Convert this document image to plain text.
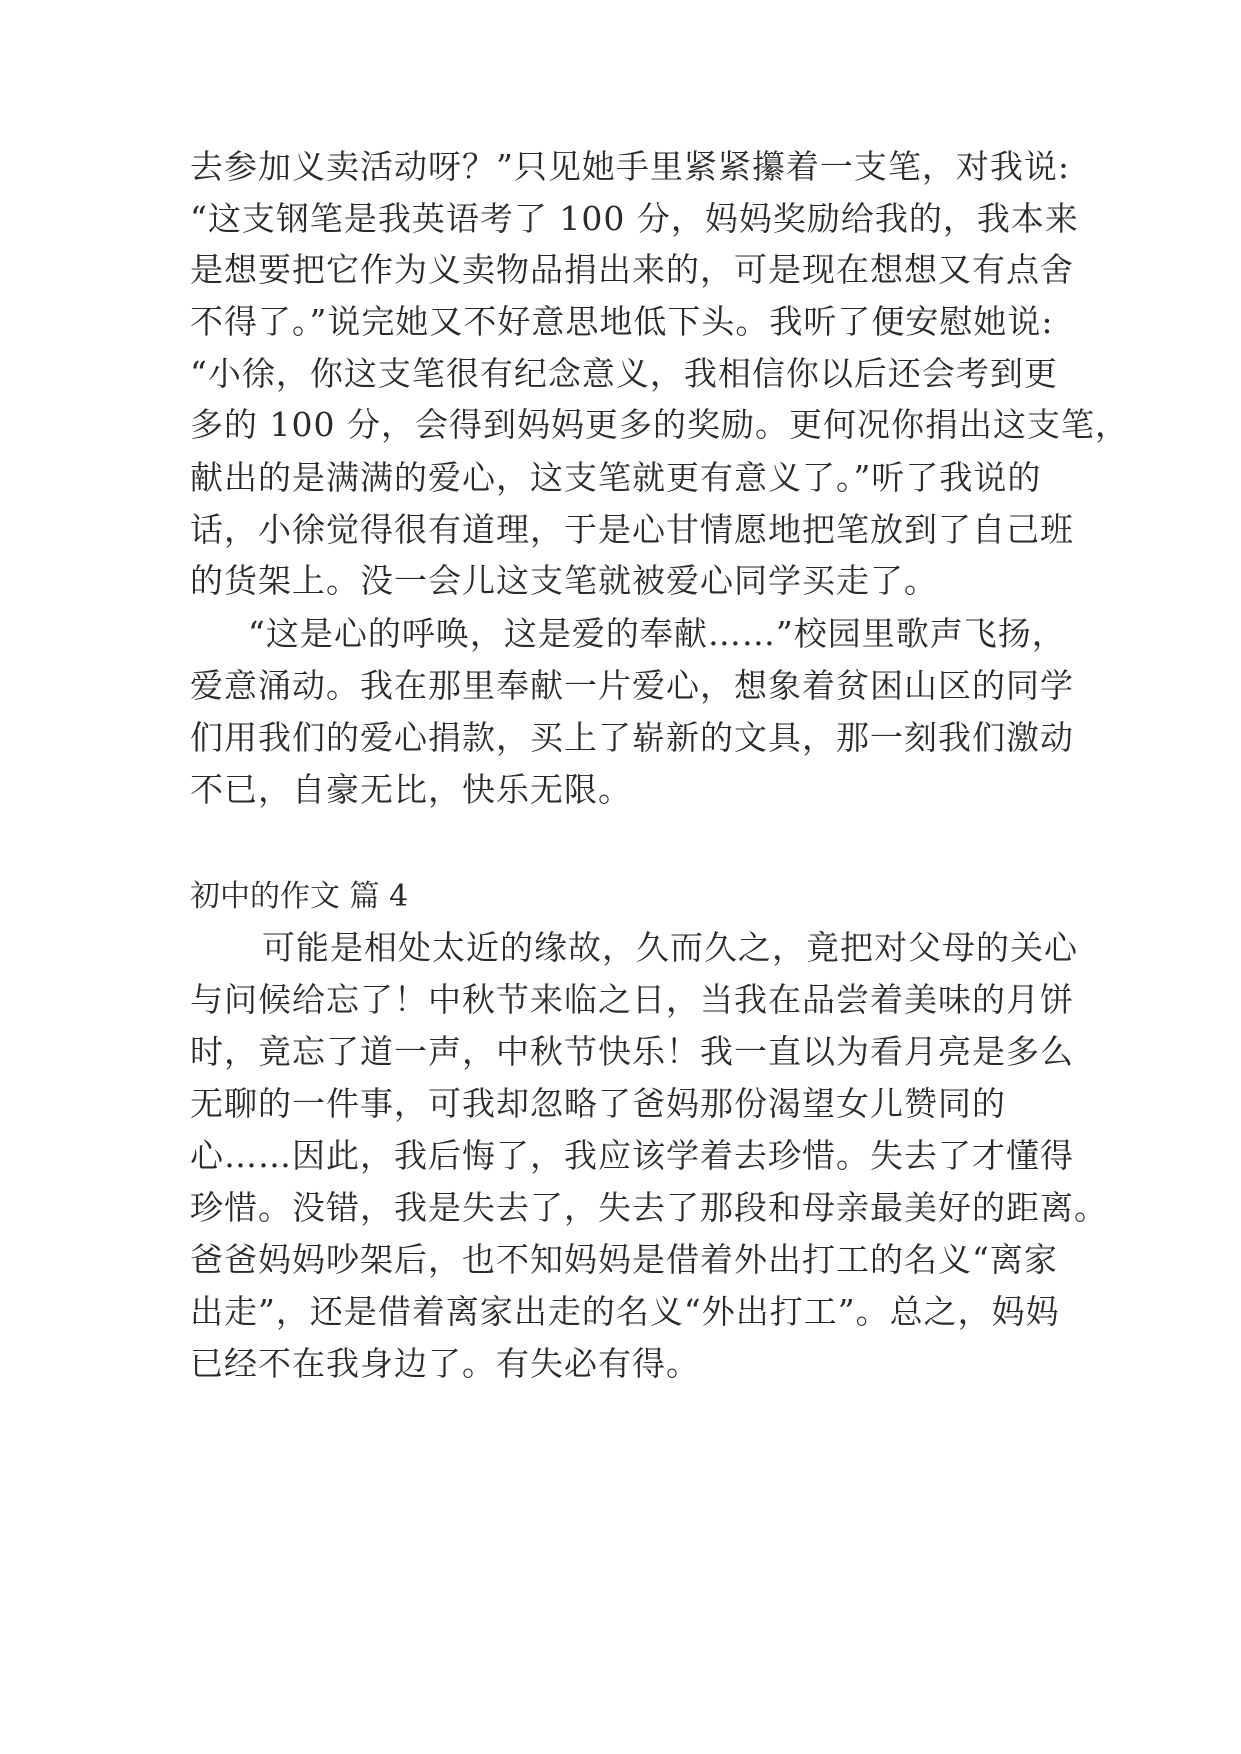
去参加义卖活动呀？”只见她手里紧紧攥着一支笔，对我说:
“这支钢笔是我英语考了 100 分，妈妈奖励给我的，我本来
是想要把它作为义卖物品捐出来的，可是现在想想又有点舍
不得了。”说完她又不好意思地低下头。我听了便安慰她说:
“小徐，你这支笔很有纪念意义，我相信你以后还会考到更
多的 100 分，会得到妈妈更多的奖励。更何况你捐出这支笔，
献出的是满满的爱心，这支笔就更有意义了。”听了我说的
话，小徐觉得很有道理，于是心甘情愿地把笔放到了自己班
的货架上。没一会儿这支笔就被爱心同学买走了。
“这是心的呼唤，这是爱的奉献……”校园里歌声飞扬，
爱意涌动。我在那里奉献一片爱心，想象着贫困山区的同学
们用我们的爱心捐款，买上了崭新的文具，那一刻我们激动
不已，自豪无比，快乐无限。
初中的作文 篇 4
可能是相处太近的缘故，久而久之，竟把对父母的关心
与问候给忘了！中秋节来临之日，当我在品尝着美味的月饼
时，竟忘了道一声，中秋节快乐！我一直以为看月亮是多么
无聊的一件事，可我却忽略了爸妈那份渴望女儿赞同的
心……因此，我后悔了，我应该学着去珍惜。失去了才懂得
珍惜。没错，我是失去了，失去了那段和母亲最美好的距离。
爸爸妈妈吵架后，也不知妈妈是借着外出打工的名义“离家
出走”，还是借着离家出走的名义“外出打工”。总之，妈妈
已经不在我身边了。有失必有得。
